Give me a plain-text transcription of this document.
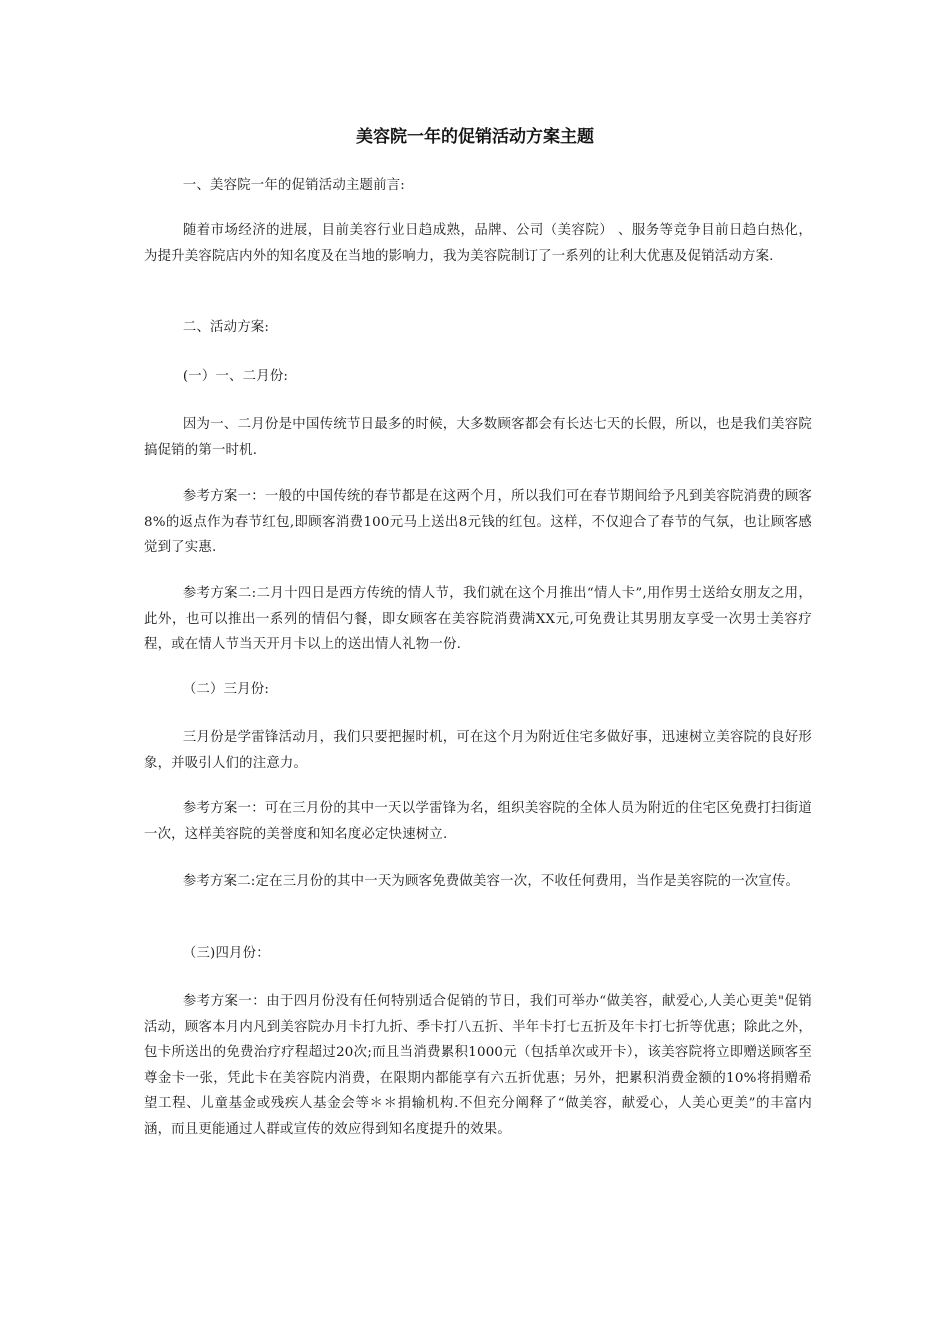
美容院一年的促销活动方案主题

一、美容院一年的促销活动主题前言:

随着市场经济的进展，目前美容行业日趋成熟，品牌、公司（美容院） 、服务等竞争目前日趋白热化，为提升美容院店内外的知名度及在当地的影响力，我为美容院制订了一系列的让利大优惠及促销活动方案.

二、活动方案:

(一）一、二月份:

因为一、二月份是中国传统节日最多的时候，大多数顾客都会有长达七天的长假，所以，也是我们美容院搞促销的第一时机.

参考方案一：一般的中国传统的春节都是在这两个月，所以我们可在春节期间给予凡到美容院消费的顾客8%的返点作为春节红包,即顾客消费100元马上送出8元钱的红包。这样，不仅迎合了春节的气氛，也让顾客感觉到了实惠.

参考方案二:二月十四日是西方传统的情人节，我们就在这个月推出“情人卡”,用作男士送给女朋友之用，此外，也可以推出一系列的情侣勺餐，即女顾客在美容院消费满XX元,可免费让其男朋友享受一次男士美容疗程，或在情人节当天开月卡以上的送出情人礼物一份.

（二）三月份:

三月份是学雷锋活动月，我们只要把握时机，可在这个月为附近住宅多做好事，迅速树立美容院的良好形象，并吸引人们的注意力。

参考方案一：可在三月份的其中一天以学雷锋为名，组织美容院的全体人员为附近的住宅区免费打扫街道一次，这样美容院的美誉度和知名度必定快速树立.

参考方案二:定在三月份的其中一天为顾客免费做美容一次，不收任何费用，当作是美容院的一次宣传。

（三)四月份：

参考方案一：由于四月份没有任何特别适合促销的节日，我们可举办“做美容，献爱心,人美心更美"促销活动，顾客本月内凡到美容院办月卡打九折、季卡打八五折、半年卡打七五折及年卡打七折等优惠；除此之外，包卡所送出的免费治疗疗程超过20次;而且当消费累积1000元（包括单次或开卡），该美容院将立即赠送顾客至尊金卡一张，凭此卡在美容院内消费，在限期内都能享有六五折优惠；另外，把累积消费金额的10%将捐赠希望工程、儿童基金或残疾人基金会等＊＊捐输机构.不但充分阐释了“做美容，献爱心，人美心更美”的丰富内涵，而且更能通过人群或宣传的效应得到知名度提升的效果。
